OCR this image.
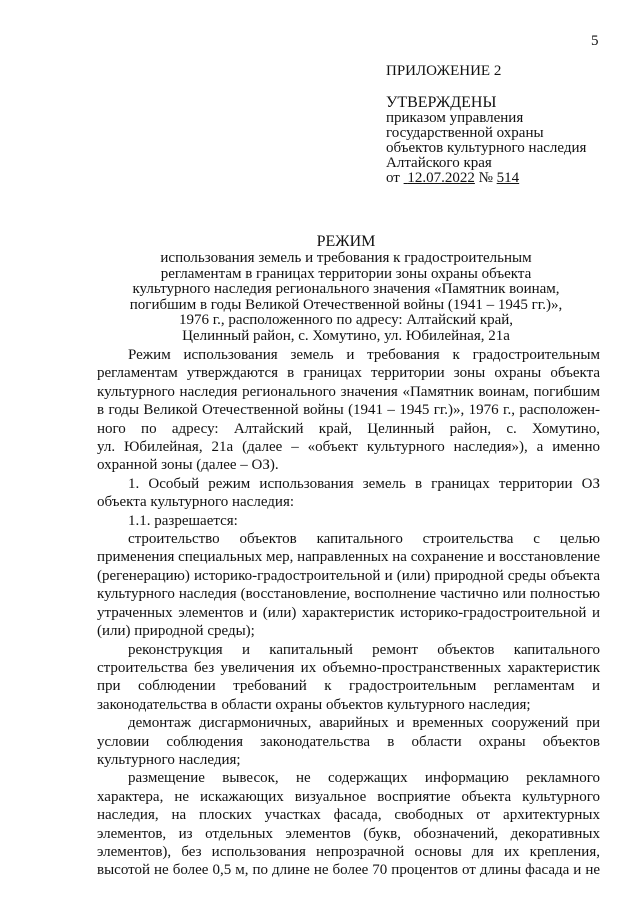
5
ПРИЛОЖЕНИЕ 2
УТВЕРЖДЕНЫ
приказом управления
государственной охраны
объектов культурного наследия
Алтайского края
от 12.07.2022 № 514
РЕЖИМ
использования земель и требования к градостроительным
регламентам в границах территории зоны охраны объекта
культурного наследия регионального значения «Памятник воинам,
погибшим в годы Великой Отечественной войны (1941 – 1945 гг.)»,
1976 г., расположенного по адресу: Алтайский край,
Целинный район, с. Хомутино, ул. Юбилейная, 21а

Режим использования земель и требования к градостроительным
регламентам утверждаются в границах территории зоны охраны объекта
культурного наследия регионального значения «Памятник воинам, погибшим
в годы Великой Отечественной войны (1941 – 1945 гг.)», 1976 г., расположен-
ного по адресу: Алтайский край, Целинный район, с. Хомутино,
ул. Юбилейная, 21а (далее – «объект культурного наследия»), а именно
охранной зоны (далее – ОЗ).

1. Особый режим использования земель в границах территории ОЗ
объекта культурного наследия:

1.1. разрешается:

строительство объектов капитального строительства с целью
применения специальных мер, направленных на сохранение и восстановление
(регенерацию) историко-градостроительной и (или) природной среды объекта
культурного наследия (восстановление, восполнение частично или полностью
утраченных элементов и (или) характеристик историко-градостроительной и
(или) природной среды);

реконструкция и капитальный ремонт объектов капитального
строительства без увеличения их объемно-пространственных характеристик
при соблюдении требований к градостроительным регламентам и
законодательства в области охраны объектов культурного наследия;

демонтаж дисгармоничных, аварийных и временных сооружений при
условии соблюдения законодательства в области охраны объектов
культурного наследия;

размещение вывесок, не содержащих информацию рекламного
характера, не искажающих визуальное восприятие объекта культурного
наследия, на плоских участках фасада, свободных от архитектурных
элементов, из отдельных элементов (букв, обозначений, декоративных
элементов), без использования непрозрачной основы для их крепления,
высотой не более 0,5 м, по длине не более 70 процентов от длины фасада и не
